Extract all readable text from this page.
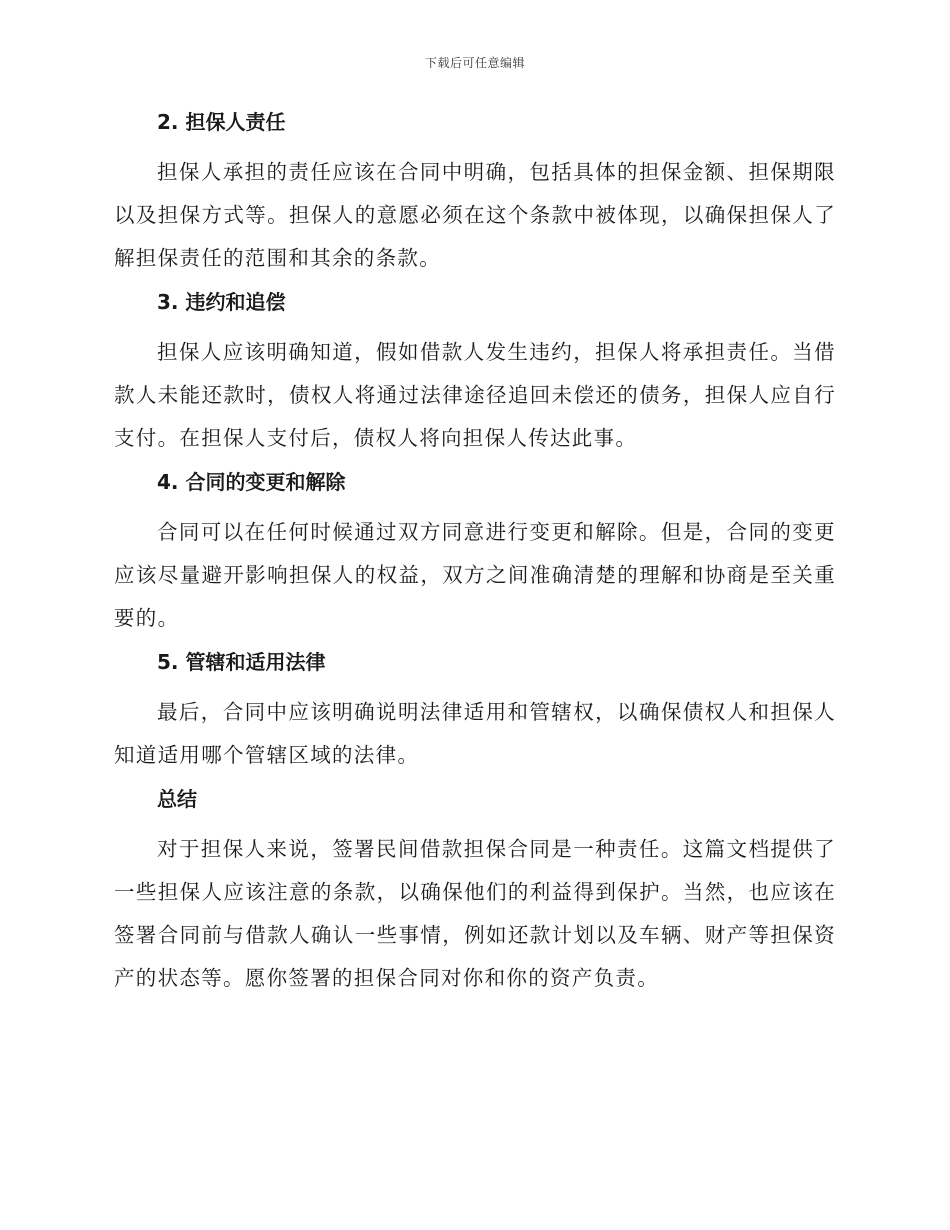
下载后可任意编辑
2. 担保人责任

担保人承担的责任应该在合同中明确，包括具体的担保金额、担保期限以及担保方式等。担保人的意愿必须在这个条款中被体现，以确保担保人了解担保责任的范围和其余的条款。

3. 违约和追偿

担保人应该明确知道，假如借款人发生违约，担保人将承担责任。当借款人未能还款时，债权人将通过法律途径追回未偿还的债务，担保人应自行支付。在担保人支付后，债权人将向担保人传达此事。

4. 合同的变更和解除

合同可以在任何时候通过双方同意进行变更和解除。但是，合同的变更应该尽量避开影响担保人的权益，双方之间准确清楚的理解和协商是至关重要的。

5. 管辖和适用法律

最后，合同中应该明确说明法律适用和管辖权，以确保债权人和担保人知道适用哪个管辖区域的法律。

总结

对于担保人来说，签署民间借款担保合同是一种责任。这篇文档提供了一些担保人应该注意的条款，以确保他们的利益得到保护。当然，也应该在签署合同前与借款人确认一些事情，例如还款计划以及车辆、财产等担保资产的状态等。愿你签署的担保合同对你和你的资产负责。
